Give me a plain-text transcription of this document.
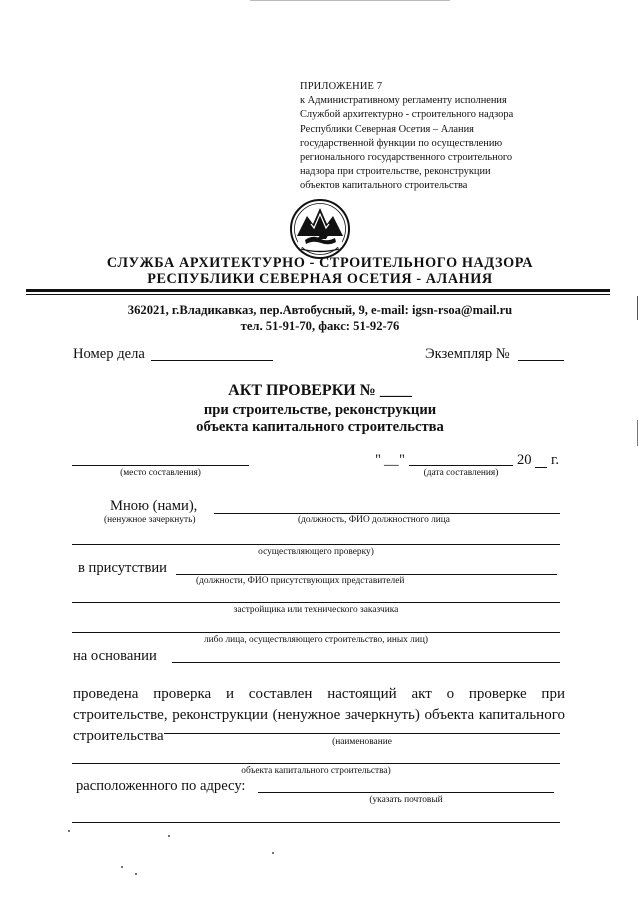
ПРИЛОЖЕНИЕ 7
к Административному регламенту исполнения
Службой архитектурно - строительного надзора
Республики Северная Осетия – Алания
государственной функции по осуществлению
регионального государственного строительного
надзора при строительстве, реконструкции
объектов капитального строительства
СЛУЖБА АРХИТЕКТУРНО - СТРОИТЕЛЬНОГО НАДЗОРА
РЕСПУБЛИКИ СЕВЕРНАЯ ОСЕТИЯ - АЛАНИЯ
362021, г.Владикавказ, пер.Автобусный, 9, e-mail: igsn-rsoa@mail.ru
тел. 51-91-70, факс: 51-92-76
Номер дела	Экземпляр №
АКТ ПРОВЕРКИ № ____
при строительстве, реконструкции
объекта капитального строительства
(место составления)
" __ "	20 г.
(дата составления)
Мною (нами),
(ненужное зачеркнуть)	(должность, ФИО должностного лица
осуществляющего проверку)
в присутствии
(должности, ФИО присутствующих представителей
застройщика или технического заказчика
либо лица, осуществляющего строительство, иных лиц)
на основании
проведена проверка и составлен настоящий акт о проверке при строительстве, реконструкции (ненужное зачеркнуть) объекта капитального строительства	(наименование
объекта капитального строительства)
расположенного по адресу:
(указать почтовый
